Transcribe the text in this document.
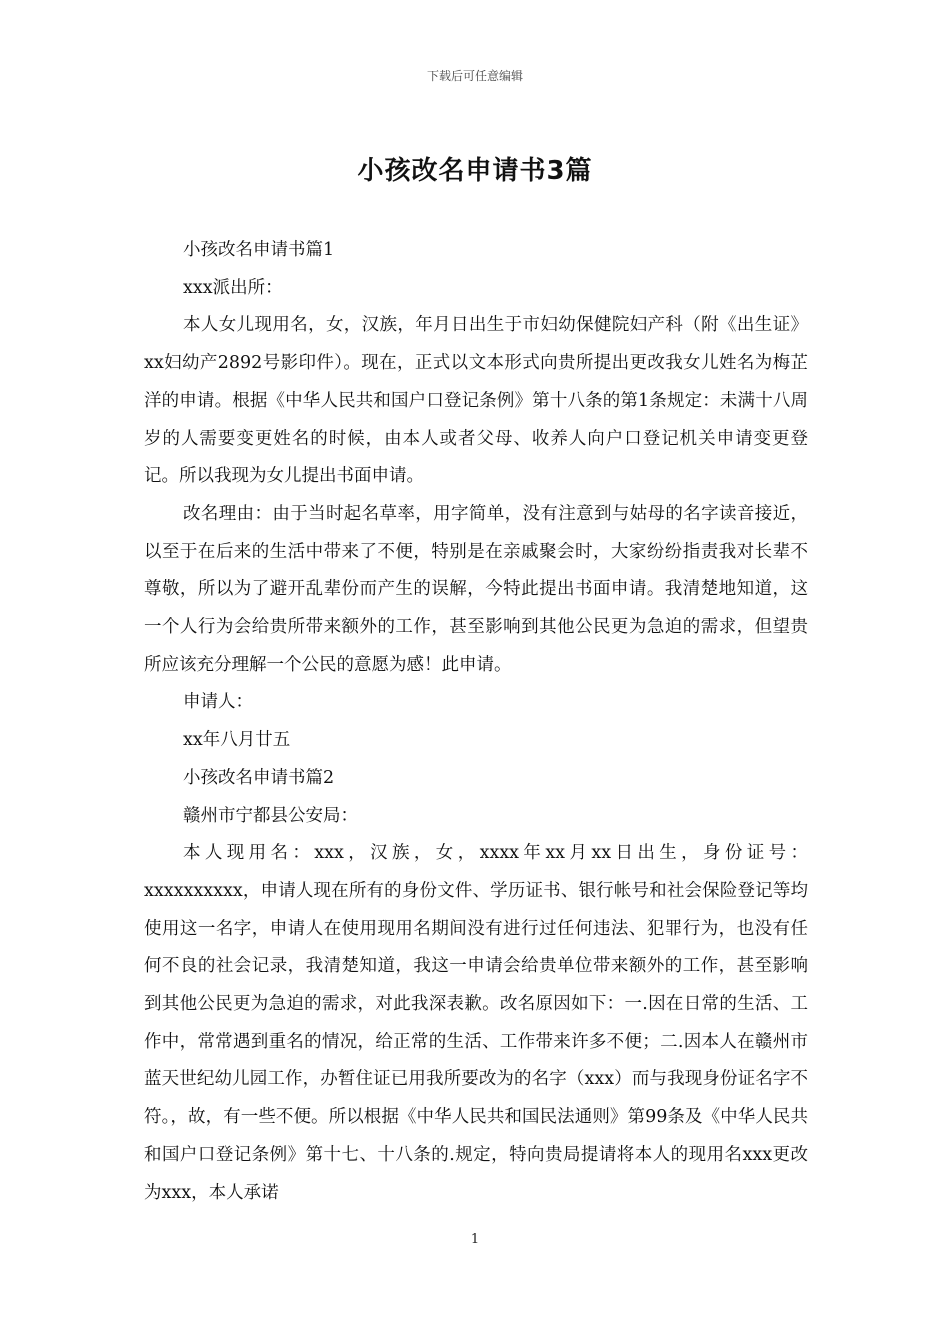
下载后可任意编辑
小孩改名申请书3篇

小孩改名申请书篇1

xxx派出所：

本人女儿现用名，女，汉族，年月日出生于市妇幼保健院妇产科（附《出生证》xx妇幼产2892号影印件）。现在，正式以文本形式向贵所提出更改我女儿姓名为梅芷洋的申请。根据《中华人民共和国户口登记条例》第十八条的第1条规定：未满十八周岁的人需要变更姓名的时候，由本人或者父母、收养人向户口登记机关申请变更登记。所以我现为女儿提出书面申请。

改名理由：由于当时起名草率，用字简单，没有注意到与姑母的名字读音接近，以至于在后来的生活中带来了不便，特别是在亲戚聚会时，大家纷纷指责我对长辈不尊敬，所以为了避开乱辈份而产生的误解，今特此提出书面申请。我清楚地知道，这一个人行为会给贵所带来额外的工作，甚至影响到其他公民更为急迫的需求，但望贵所应该充分理解一个公民的意愿为感！此申请。

申请人：

xx年八月廿五

小孩改名申请书篇2

赣州市宁都县公安局：

本人现用名：xxx，汉族，女，xxxx年xx月xx日出生，身份证号：xxxxxxxxxx，申请人现在所有的身份文件、学历证书、银行帐号和社会保险登记等均使用这一名字，申请人在使用现用名期间没有进行过任何违法、犯罪行为，也没有任何不良的社会记录，我清楚知道，我这一申请会给贵单位带来额外的工作，甚至影响到其他公民更为急迫的需求，对此我深表歉。改名原因如下：一.因在日常的生活、工作中，常常遇到重名的情况，给正常的生活、工作带来许多不便；二.因本人在赣州市蓝天世纪幼儿园工作，办暂住证已用我所要改为的名字（xxx）而与我现身份证名字不符。，故，有一些不便。所以根据《中华人民共和国民法通则》第99条及《中华人民共和国户口登记条例》第十七、十八条的.规定，特向贵局提请将本人的现用名xxx更改为xxx，本人承诺

1
